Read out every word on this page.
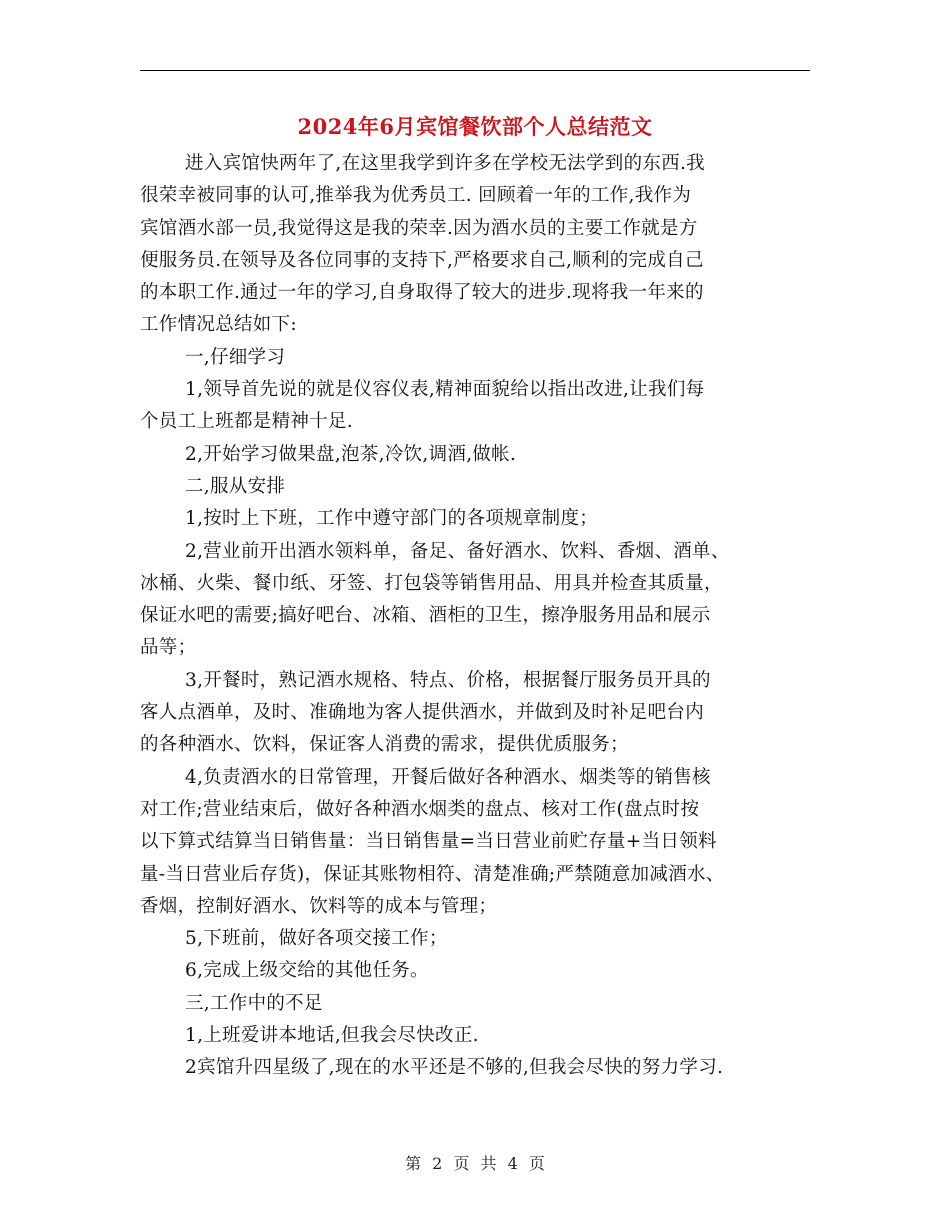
2024年6月宾馆餐饮部个人总结范文
进入宾馆快两年了,在这里我学到许多在学校无法学到的东西.我
很荣幸被同事的认可,推举我为优秀员工. 回顾着一年的工作,我作为
宾馆酒水部一员,我觉得这是我的荣幸.因为酒水员的主要工作就是方
便服务员.在领导及各位同事的支持下,严格要求自己,顺利的完成自己
的本职工作.通过一年的学习,自身取得了较大的进步.现将我一年来的
工作情况总结如下:
一,仔细学习
1,领导首先说的就是仪容仪表,精神面貌给以指出改进,让我们每
个员工上班都是精神十足.
2,开始学习做果盘,泡茶,冷饮,调酒,做帐.
二,服从安排
1,按时上下班，工作中遵守部门的各项规章制度；
2,营业前开出酒水领料单，备足、备好酒水、饮料、香烟、酒单、
冰桶、火柴、餐巾纸、牙签、打包袋等销售用品、用具并检查其质量，
保证水吧的需要;搞好吧台、冰箱、酒柜的卫生，擦净服务用品和展示
品等；
3,开餐时，熟记酒水规格、特点、价格，根据餐厅服务员开具的
客人点酒单，及时、准确地为客人提供酒水，并做到及时补足吧台内
的各种酒水、饮料，保证客人消费的需求，提供优质服务；
4,负责酒水的日常管理，开餐后做好各种酒水、烟类等的销售核
对工作;营业结束后，做好各种酒水烟类的盘点、核对工作(盘点时按
以下算式结算当日销售量：当日销售量=当日营业前贮存量+当日领料
量-当日营业后存货)，保证其账物相符、清楚准确;严禁随意加减酒水、
香烟，控制好酒水、饮料等的成本与管理；
5,下班前，做好各项交接工作；
6,完成上级交给的其他任务。
三,工作中的不足
1,上班爱讲本地话,但我会尽快改正.
2宾馆升四星级了,现在的水平还是不够的,但我会尽快的努力学习.
第 2 页 共 4 页
